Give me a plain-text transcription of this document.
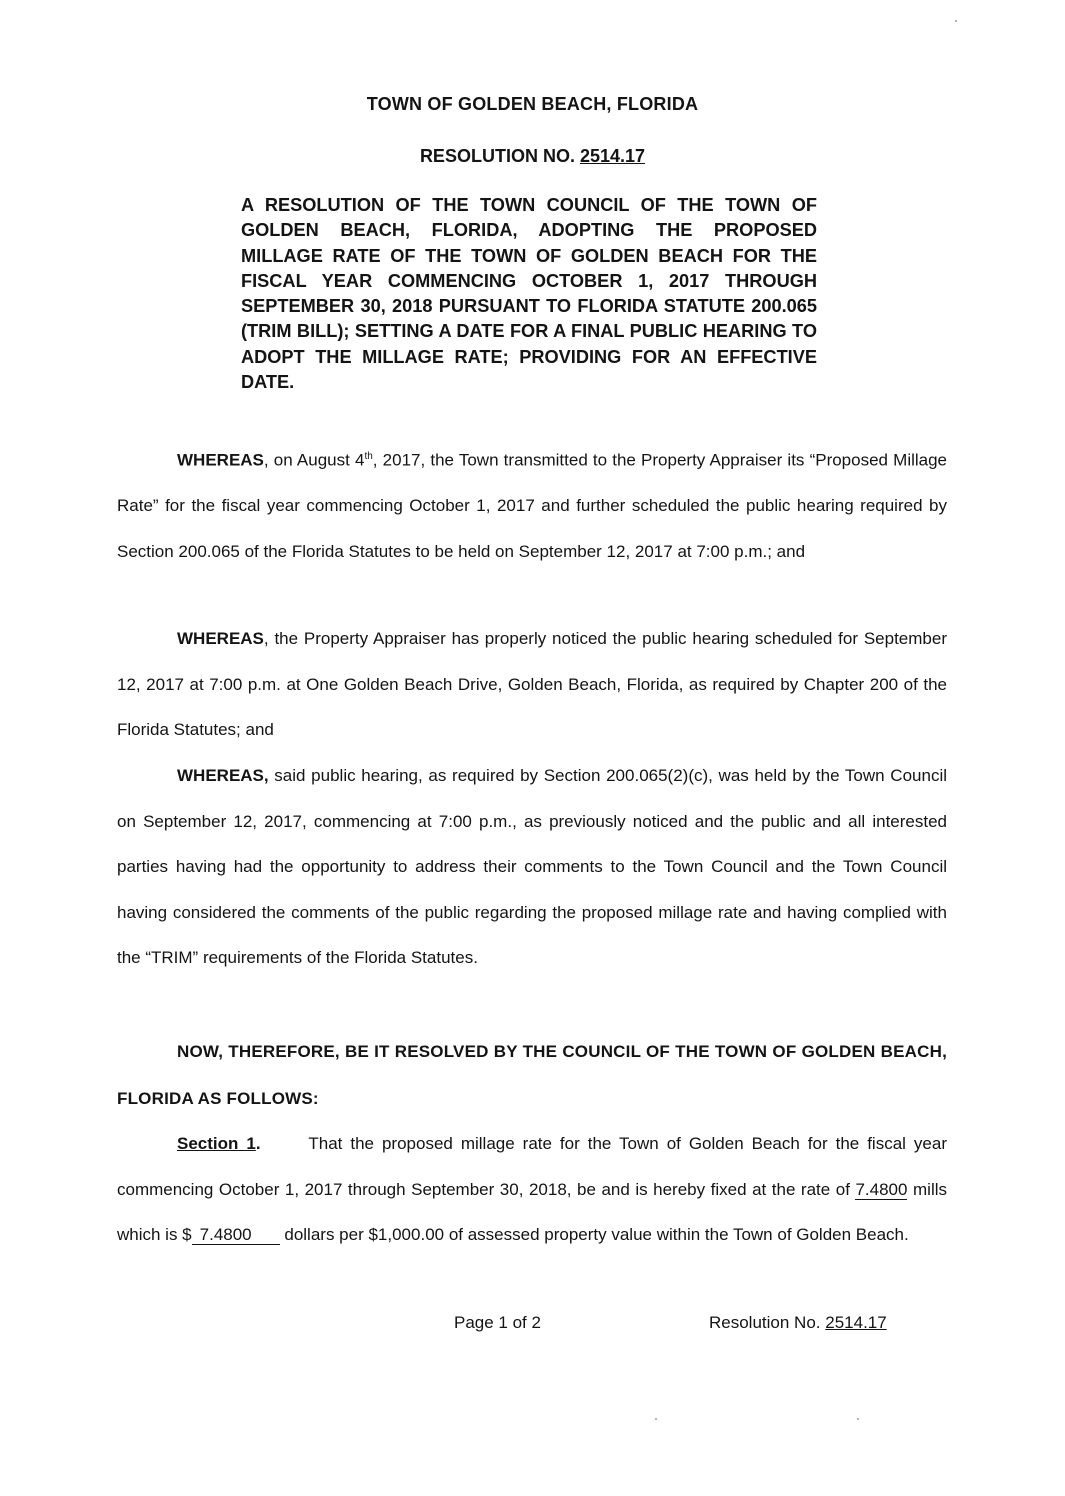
TOWN OF GOLDEN BEACH, FLORIDA
RESOLUTION NO. 2514.17
A RESOLUTION OF THE TOWN COUNCIL OF THE TOWN OF GOLDEN BEACH, FLORIDA, ADOPTING THE PROPOSED MILLAGE RATE OF THE TOWN OF GOLDEN BEACH FOR THE FISCAL YEAR COMMENCING OCTOBER 1, 2017 THROUGH SEPTEMBER 30, 2018 PURSUANT TO FLORIDA STATUTE 200.065 (TRIM BILL); SETTING A DATE FOR A FINAL PUBLIC HEARING TO ADOPT THE MILLAGE RATE; PROVIDING FOR AN EFFECTIVE DATE.
WHEREAS, on August 4th, 2017, the Town transmitted to the Property Appraiser its “Proposed Millage Rate” for the fiscal year commencing October 1, 2017 and further scheduled the public hearing required by Section 200.065 of the Florida Statutes to be held on September 12, 2017 at 7:00 p.m.; and
WHEREAS, the Property Appraiser has properly noticed the public hearing scheduled for September 12, 2017 at 7:00 p.m. at One Golden Beach Drive, Golden Beach, Florida, as required by Chapter 200 of the Florida Statutes; and
WHEREAS, said public hearing, as required by Section 200.065(2)(c), was held by the Town Council on September 12, 2017, commencing at 7:00 p.m., as previously noticed and the public and all interested parties having had the opportunity to address their comments to the Town Council and the Town Council having considered the comments of the public regarding the proposed millage rate and having complied with the “TRIM” requirements of the Florida Statutes.
NOW, THEREFORE, BE IT RESOLVED BY THE COUNCIL OF THE TOWN OF GOLDEN BEACH, FLORIDA AS FOLLOWS:
Section 1.	That the proposed millage rate for the Town of Golden Beach for the fiscal year commencing October 1, 2017 through September 30, 2018, be and is hereby fixed at the rate of 7.4800 mills which is $ 7.4800 dollars per $1,000.00 of assessed property value within the Town of Golden Beach.
Page 1 of 2	Resolution No. 2514.17
